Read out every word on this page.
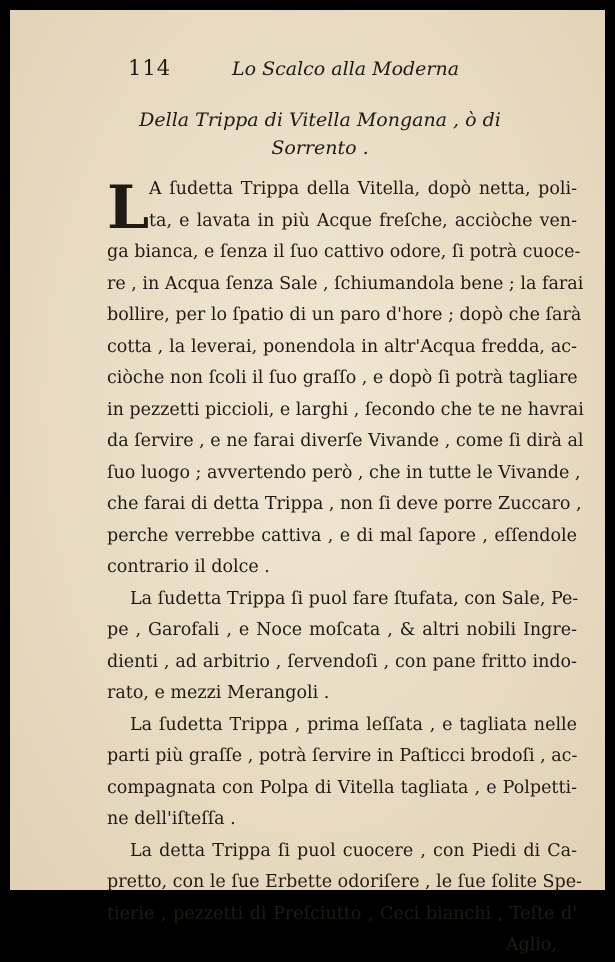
114	Lo Scalco alla Moderna
Della Trippa di Vitella Mongana , ò di
Sorrento .
L A ſudetta Trippa della Vitella, dopò netta, poli-
ta, e lavata in più Acque freſche, acciòche ven-
ga bianca, e ſenza il ſuo cattivo odore, ſi potrà cuoce-
re , in Acqua ſenza Sale , ſchiumandola bene ; la farai
bollire, per lo ſpatio di un paro d'hore ; dopò che ſarà
cotta , la leverai, ponendola in altr'Acqua fredda, ac-
ciòche non ſcoli il ſuo graſſo , e dopò ſi potrà tagliare
in pezzetti piccioli, e larghi , ſecondo che te ne havrai
da ſervire , e ne farai diverſe Vivande , come ſi dirà al
ſuo luogo ; avvertendo però , che in tutte le Vivande ,
che farai di detta Trippa , non ſi deve porre Zuccaro ,
perche verrebbe cattiva , e di mal ſapore , eſſendole
contrario il dolce .
La ſudetta Trippa ſi puol fare ſtufata, con Sale, Pe-
pe , Garofali , e Noce moſcata , & altri nobili Ingre-
dienti , ad arbitrio , ſervendoſi , con pane fritto indo-
rato, e mezzi Merangoli .
La ſudetta Trippa , prima leſſata , e tagliata nelle
parti più graſſe , potrà ſervire in Paſticci brodoſi , ac-
compagnata con Polpa di Vitella tagliata , e Polpetti-
ne dell'iſteſſa .
La detta Trippa ſi puol cuocere , con Piedi di Ca-
pretto, con le ſue Erbette odoriſere , le ſue ſolite Spe-
tierie , pezzetti di Preſciutto , Ceci bianchi , Teſte d'
Aglio,
